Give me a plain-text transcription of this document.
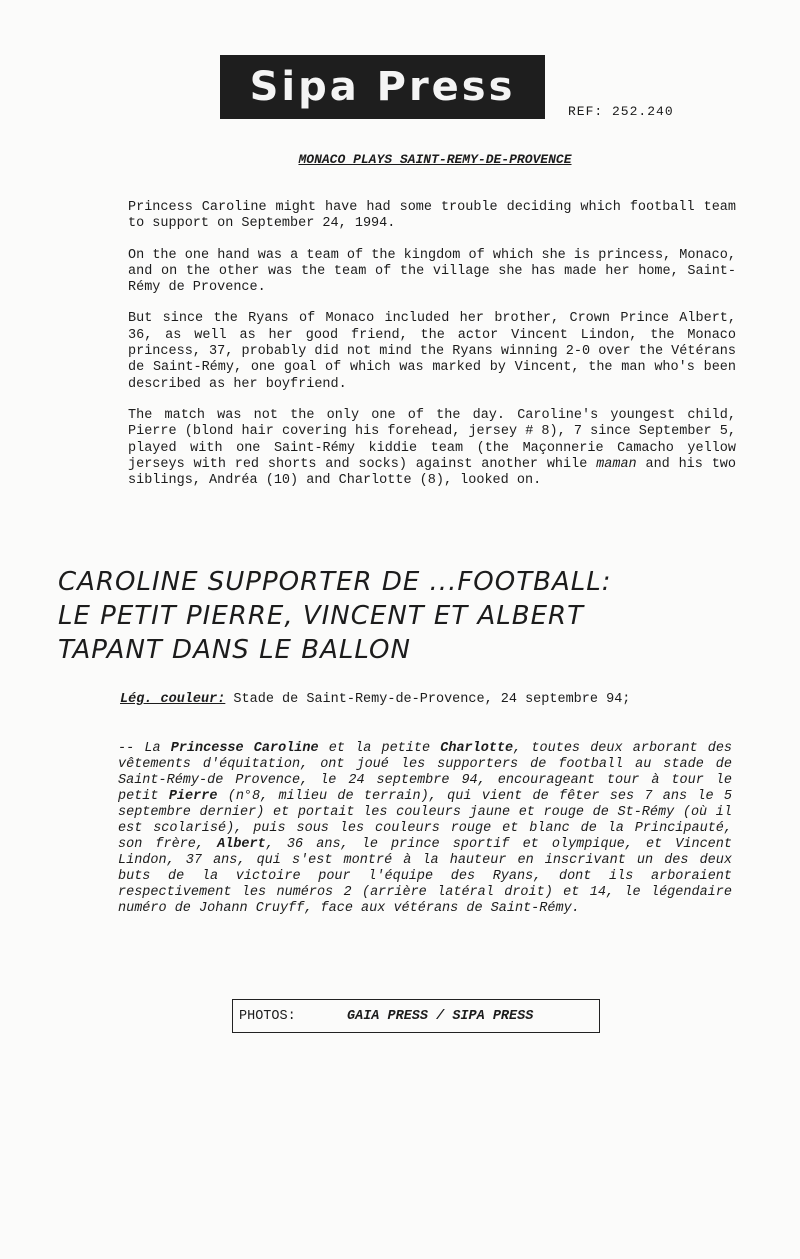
Sipa Press
REF: 252.240
MONACO PLAYS SAINT-REMY-DE-PROVENCE

Princess Caroline might have had some trouble deciding which football team to support on September 24, 1994.

On the one hand was a team of the kingdom of which she is princess, Monaco, and on the other was the team of the village she has made her home, Saint-Rémy de Provence.

But since the Ryans of Monaco included her brother, Crown Prince Albert, 36, as well as her good friend, the actor Vincent Lindon, the Monaco princess, 37, probably did not mind the Ryans winning 2-0 over the Vétérans de Saint-Rémy, one goal of which was marked by Vincent, the man who's been described as her boyfriend.

The match was not the only one of the day. Caroline's youngest child, Pierre (blond hair covering his forehead, jersey # 8), 7 since September 5, played with one Saint-Rémy kiddie team (the Maçonnerie Camacho yellow jerseys with red shorts and socks) against another while maman and his two siblings, Andréa (10) and Charlotte (8), looked on.

CAROLINE SUPPORTER DE ...FOOTBALL:
LE PETIT PIERRE, VINCENT ET ALBERT
TAPANT DANS LE BALLON
Lég. couleur: Stade de Saint-Remy-de-Provence, 24 septembre 94;
-- La Princesse Caroline et la petite Charlotte, toutes deux arborant des vêtements d'équitation, ont joué les supporters de football au stade de Saint-Rémy-de Provence, le 24 septembre 94, encourageant tour à tour le petit Pierre (n°8, milieu de terrain), qui vient de fêter ses 7 ans le 5 septembre dernier) et portait les couleurs jaune et rouge de St-Rémy (où il est scolarisé), puis sous les couleurs rouge et blanc de la Principauté, son frère, Albert, 36 ans, le prince sportif et olympique, et Vincent Lindon, 37 ans, qui s'est montré à la hauteur en inscrivant un des deux buts de la victoire pour l'équipe des Ryans, dont ils arboraient respectivement les numéros 2 (arrière latéral droit) et 14, le légendaire numéro de Johann Cruyff, face aux vétérans de Saint-Rémy.
PHOTOS:	GAIA PRESS / SIPA PRESS
